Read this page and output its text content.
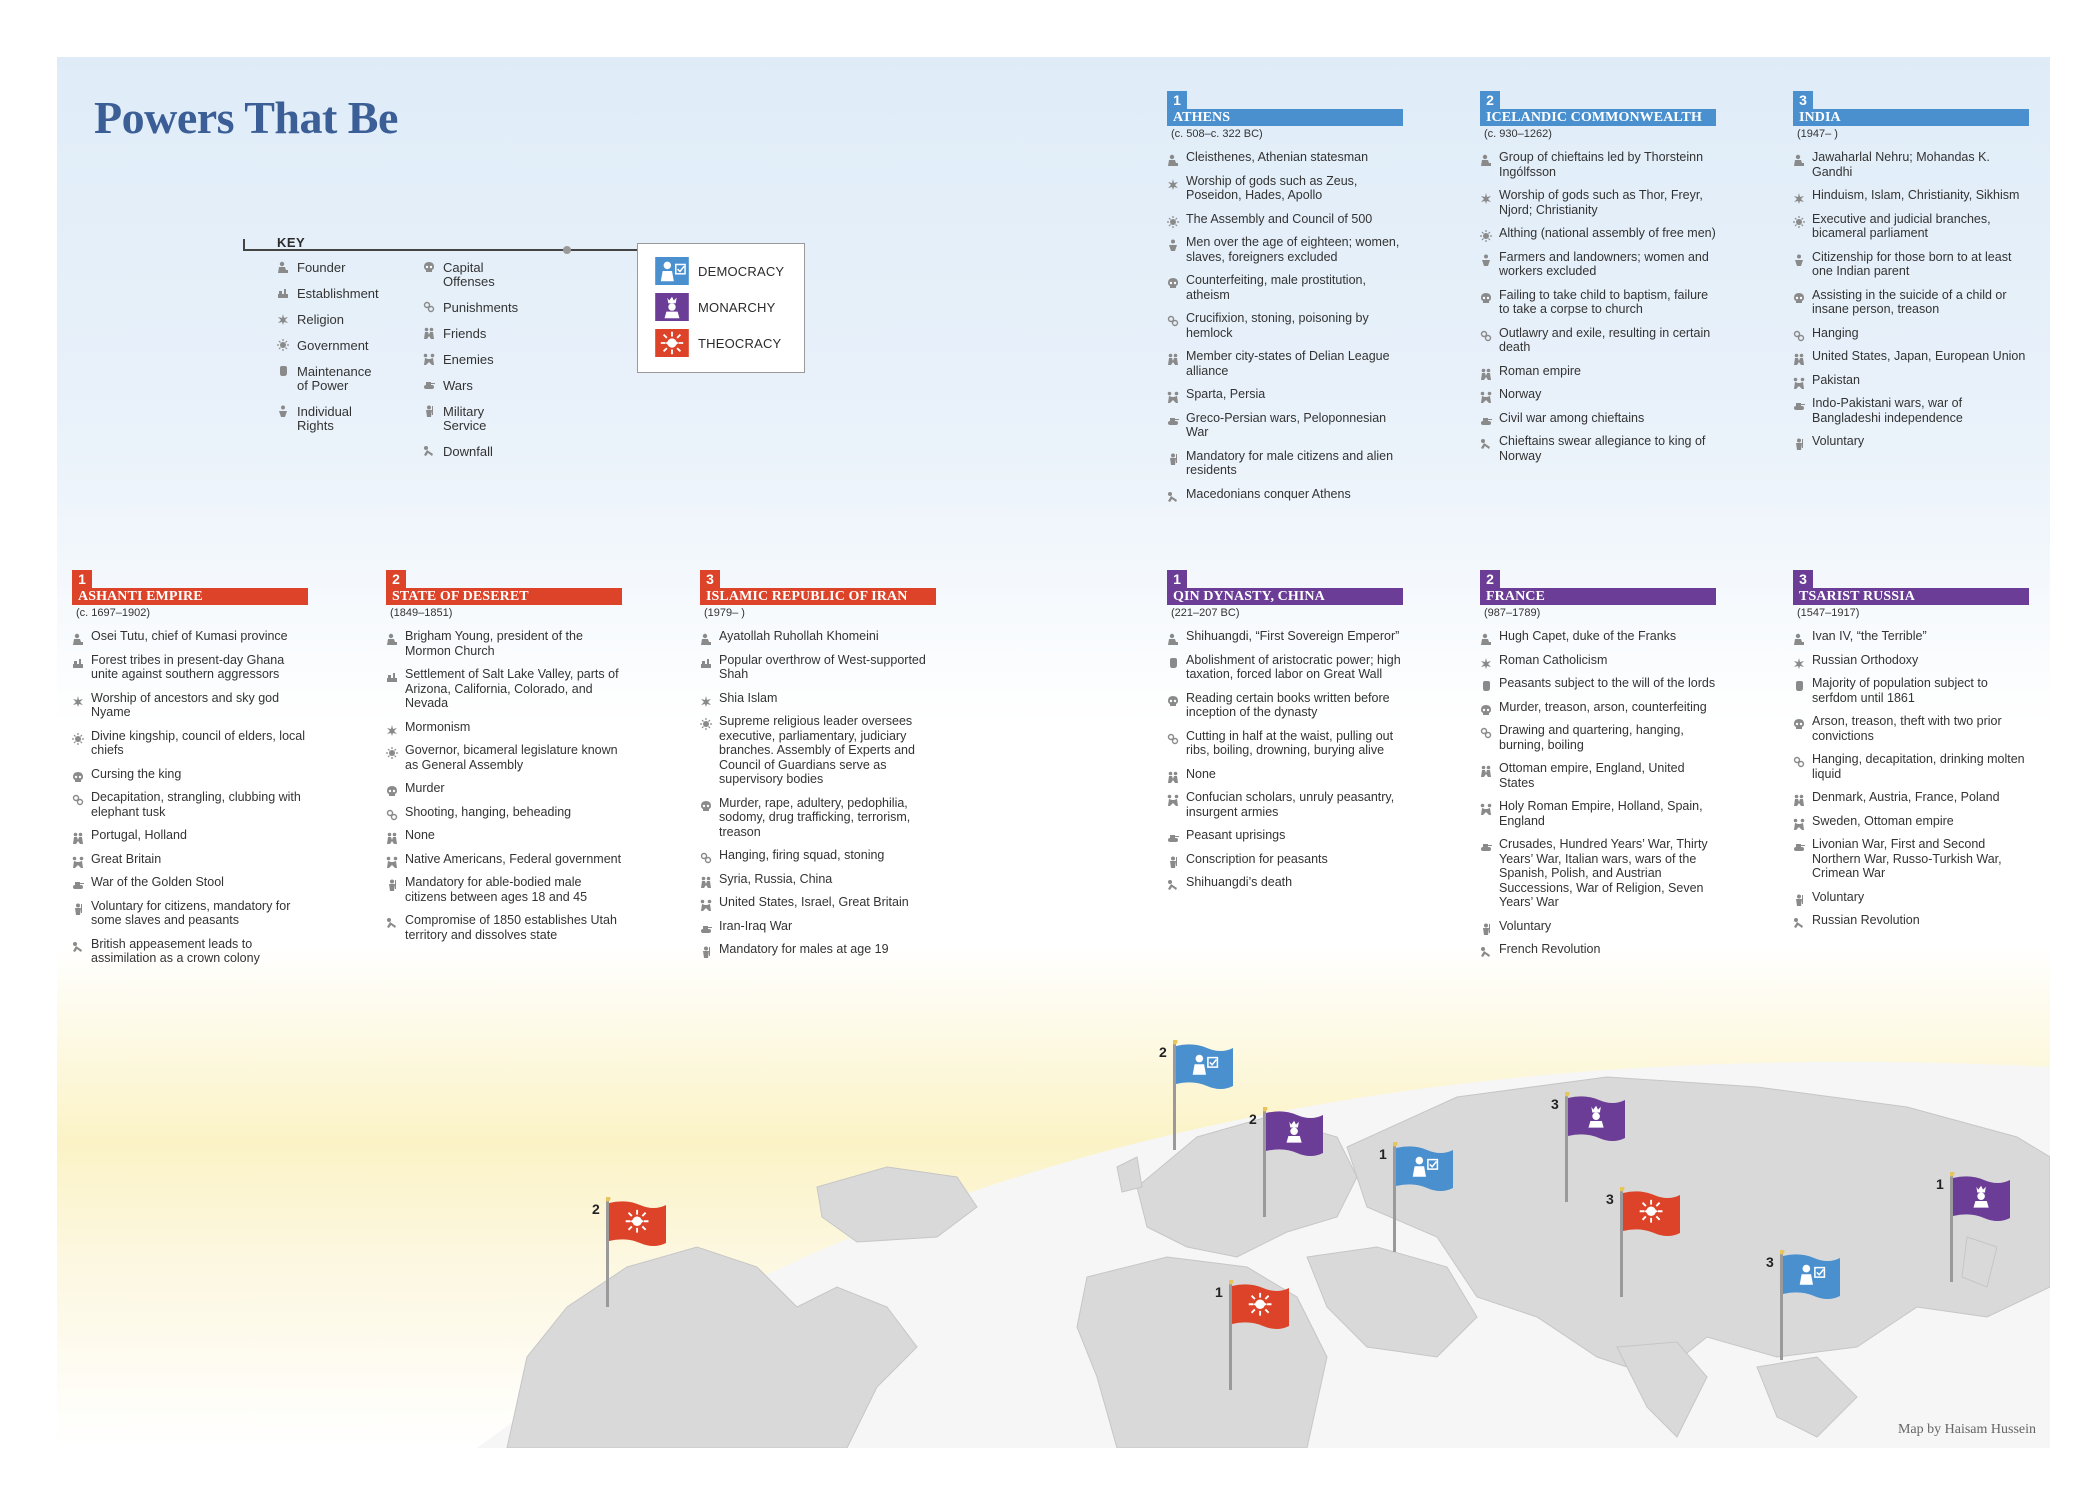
Powers That Be
KEY
Founder
Establishment
Religion
Government
Maintenance of Power
Individual Rights
Capital Offenses
Punishments
Friends
Enemies
Wars
Military Service
Downfall
DEMOCRACY
MONARCHY
THEOCRACY
1
ATHENS
(c. 508–c. 322 BC)
Cleisthenes, Athenian statesman
Worship of gods such as Zeus, Poseidon, Hades, Apollo
The Assembly and Council of 500
Men over the age of eighteen; women, slaves, foreigners excluded
Counterfeiting, male prostitution, atheism
Crucifixion, stoning, poisoning by hemlock
Member city-states of Delian League alliance
Sparta, Persia
Greco-Persian wars, Peloponnesian War
Mandatory for male citizens and alien residents
Macedonians conquer Athens
2
ICELANDIC COMMONWEALTH
(c. 930–1262)
Group of chieftains led by Thorsteinn Ingólfsson
Worship of gods such as Thor, Freyr, Njord; Christianity
Althing (national assembly of free men)
Farmers and landowners; women and workers excluded
Failing to take child to baptism, failure to take a corpse to church
Outlawry and exile, resulting in certain death
Roman empire
Norway
Civil war among chieftains
Chieftains swear allegiance to king of Norway
3
INDIA
(1947– )
Jawaharlal Nehru; Mohandas K. Gandhi
Hinduism, Islam, Christianity, Sikhism
Executive and judicial branches, bicameral parliament
Citizenship for those born to at least one Indian parent
Assisting in the suicide of a child or insane person, treason
Hanging
United States, Japan, European Union
Pakistan
Indo-Pakistani wars, war of Bangladeshi independence
Voluntary
1
ASHANTI EMPIRE
(c. 1697–1902)
Osei Tutu, chief of Kumasi province
Forest tribes in present-day Ghana unite against southern aggressors
Worship of ancestors and sky god Nyame
Divine kingship, council of elders, local chiefs
Cursing the king
Decapitation, strangling, clubbing with elephant tusk
Portugal, Holland
Great Britain
War of the Golden Stool
Voluntary for citizens, mandatory for some slaves and peasants
British appeasement leads to assimilation as a crown colony
2
STATE OF DESERET
(1849–1851)
Brigham Young, president of the Mormon Church
Settlement of Salt Lake Valley, parts of Arizona, California, Colorado, and Nevada
Mormonism
Governor, bicameral legislature known as General Assembly
Murder
Shooting, hanging, beheading
None
Native Americans, Federal government
Mandatory for able-bodied male citizens between ages 18 and 45
Compromise of 1850 establishes Utah territory and dissolves state
3
ISLAMIC REPUBLIC OF IRAN
(1979– )
Ayatollah Ruhollah Khomeini
Popular overthrow of West-supported Shah
Shia Islam
Supreme religious leader oversees executive, parliamentary, judiciary branches. Assembly of Experts and Council of Guardians serve as supervisory bodies
Murder, rape, adultery, pedophilia, sodomy, drug trafficking, terrorism, treason
Hanging, firing squad, stoning
Syria, Russia, China
United States, Israel, Great Britain
Iran-Iraq War
Mandatory for males at age 19
1
QIN DYNASTY, CHINA
(221–207 BC)
Shihuangdi, “First Sovereign Emperor”
Abolishment of aristocratic power; high taxation, forced labor on Great Wall
Reading certain books written before inception of the dynasty
Cutting in half at the waist, pulling out ribs, boiling, drowning, burying alive
None
Confucian scholars, unruly peasantry, insurgent armies
Peasant uprisings
Conscription for peasants
Shihuangdi’s death
2
FRANCE
(987–1789)
Hugh Capet, duke of the Franks
Roman Catholicism
Peasants subject to the will of the lords
Murder, treason, arson, counterfeiting
Drawing and quartering, hanging, burning, boiling
Ottoman empire, England, United States
Holy Roman Empire, Holland, Spain, England
Crusades, Hundred Years’ War, Thirty Years’ War, Italian wars, wars of the Spanish, Polish, and Austrian Successions, War of Religion, Seven Years’ War
Voluntary
French Revolution
3
TSARIST RUSSIA
(1547–1917)
Ivan IV, “the Terrible”
Russian Orthodoxy
Majority of population subject to serfdom until 1861
Arson, treason, theft with two prior convictions
Hanging, decapitation, drinking molten liquid
Denmark, Austria, France, Poland
Sweden, Ottoman empire
Livonian War, First and Second Northern War, Russo-Turkish War, Crimean War
Voluntary
Russian Revolution
2
2
3
1
3
1
3
2
1
Map by Haisam Hussein
